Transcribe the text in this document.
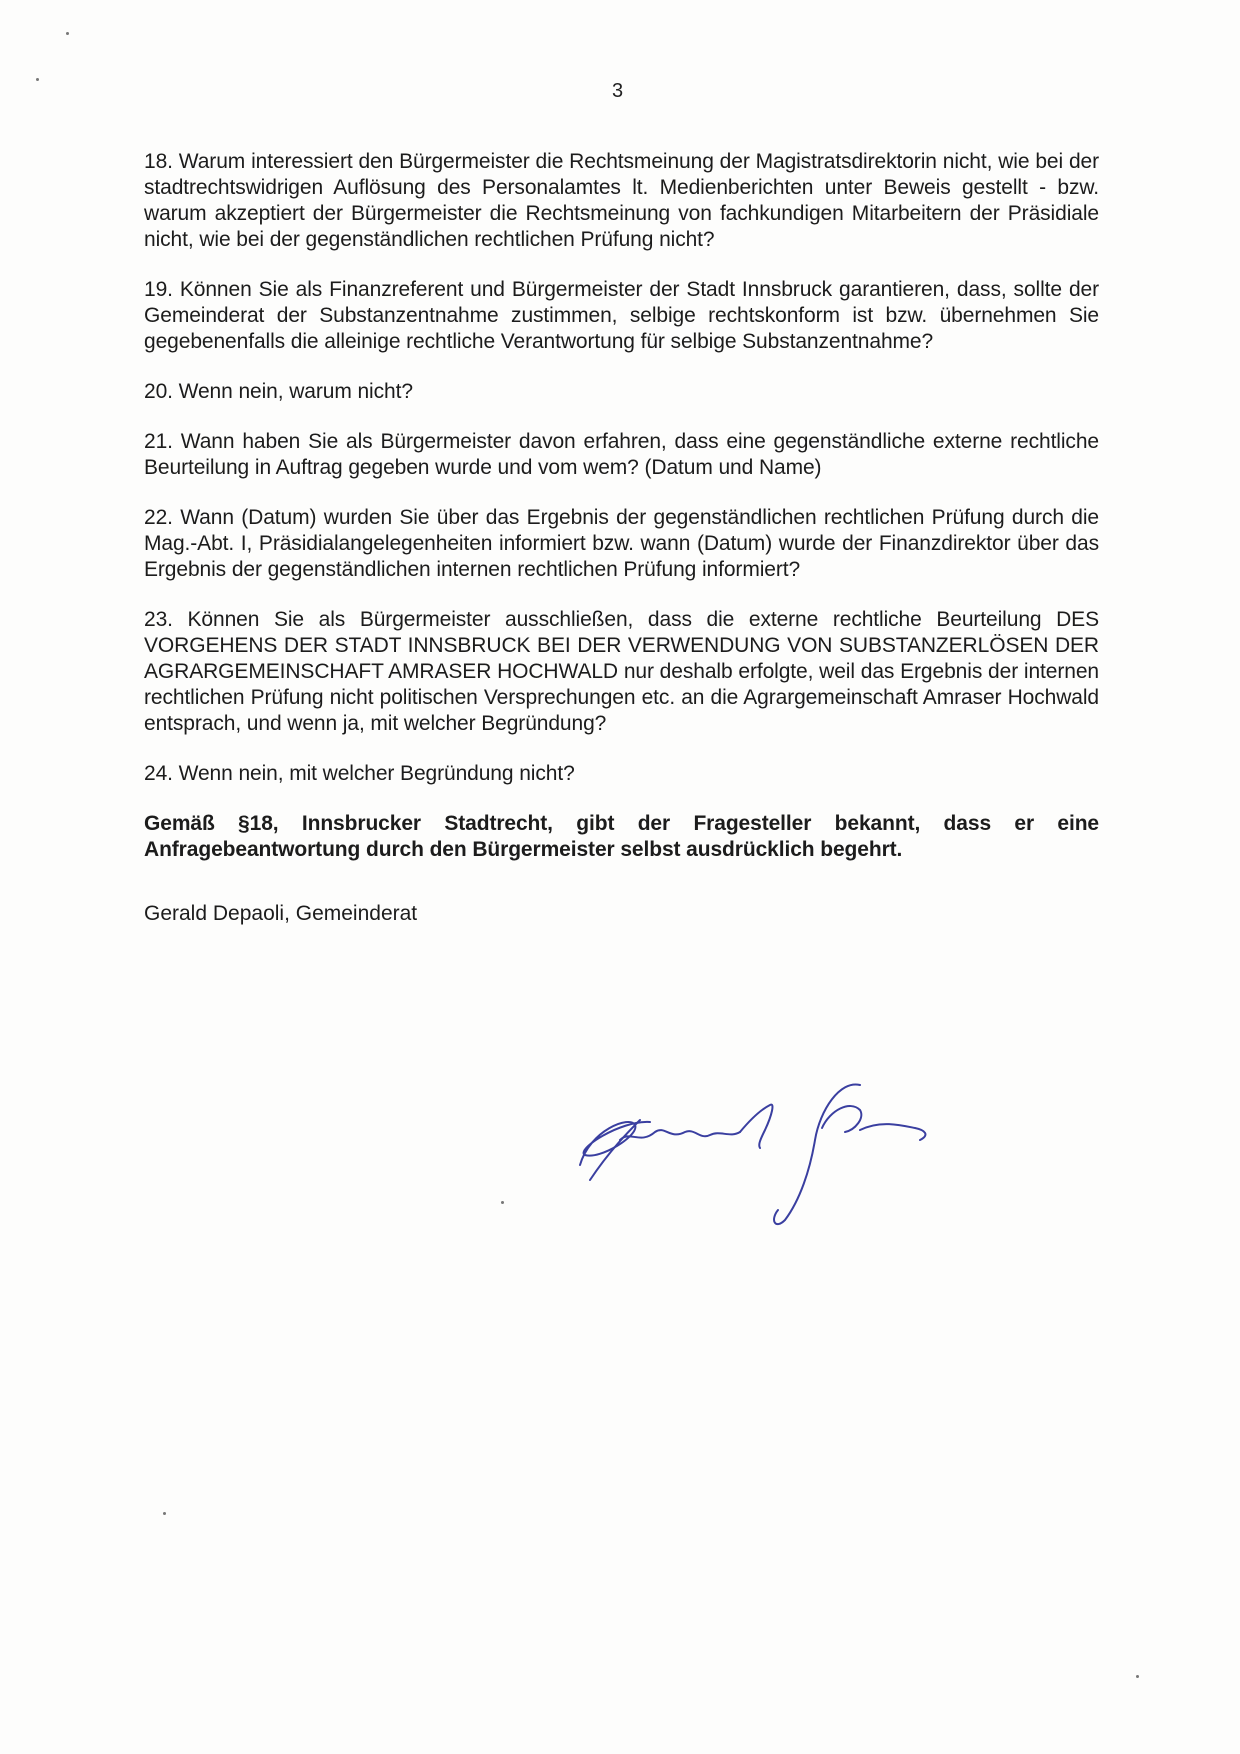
3

18. Warum interessiert den Bürgermeister die Rechtsmeinung der Magistratsdirektorin nicht, wie bei der stadtrechtswidrigen Auflösung des Personalamtes lt. Medienberichten unter Beweis gestellt - bzw. warum akzeptiert der Bürgermeister die Rechtsmeinung von fachkundigen Mitarbeitern der Präsidiale nicht, wie bei der gegenständlichen rechtlichen Prüfung nicht?

19. Können Sie als Finanzreferent und Bürgermeister der Stadt Innsbruck garantieren, dass, sollte der Gemeinderat der Substanzentnahme zustimmen, selbige rechtskonform ist bzw. übernehmen Sie gegebenenfalls die alleinige rechtliche Verantwortung für selbige Substanzentnahme?

20. Wenn nein, warum nicht?

21. Wann haben Sie als Bürgermeister davon erfahren, dass eine gegenständliche externe rechtliche Beurteilung in Auftrag gegeben wurde und vom wem? (Datum und Name)

22. Wann (Datum) wurden Sie über das Ergebnis der gegenständlichen rechtlichen Prüfung durch die Mag.-Abt. I, Präsidialangelegenheiten informiert bzw. wann (Datum) wurde der Finanzdirektor über das Ergebnis der gegenständlichen internen rechtlichen Prüfung informiert?

23. Können Sie als Bürgermeister ausschließen, dass die externe rechtliche Beurteilung DES VORGEHENS DER STADT INNSBRUCK BEI DER VERWENDUNG VON SUBSTANZERLÖSEN DER AGRARGEMEINSCHAFT AMRASER HOCHWALD nur deshalb erfolgte, weil das Ergebnis der internen rechtlichen Prüfung nicht politischen Versprechungen etc. an die Agrargemeinschaft Amraser Hochwald entsprach, und wenn ja, mit welcher Begründung?

24. Wenn nein, mit welcher Begründung nicht?

Gemäß §18, Innsbrucker Stadtrecht, gibt der Fragesteller bekannt, dass er eine Anfragebeantwortung durch den Bürgermeister selbst ausdrücklich begehrt.

Gerald Depaoli, Gemeinderat
